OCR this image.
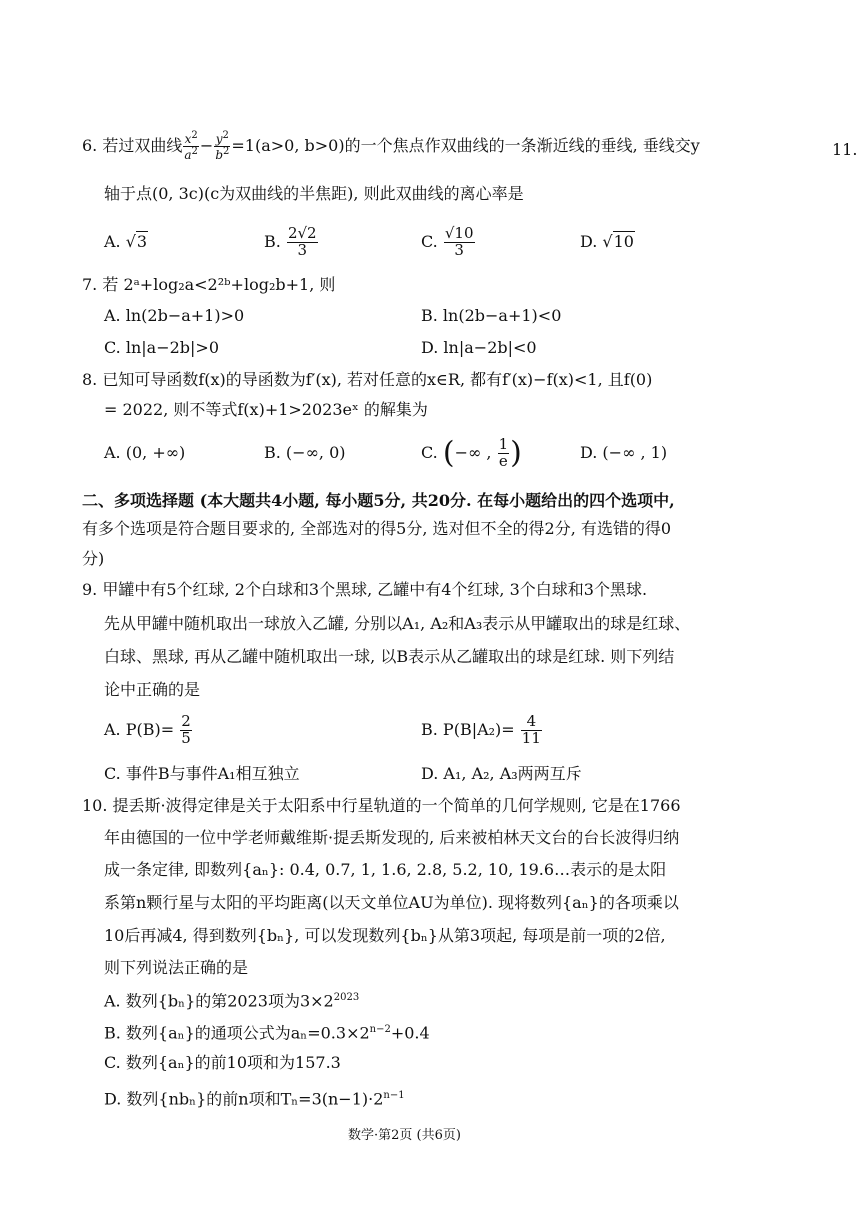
11.
6. 若过双曲线 $\frac{x^2}{a^2} - \frac{y^2}{b^2} =1(a>0$, b>0)的一个焦点作双曲线的一条渐近线的垂线, 垂线交y
轴于点(0, 3c)(c为双曲线的半焦距), 则此双曲线的离心率是
A. √3	B. $\frac{2√2}{3}$	C. $\frac{√10}{3}$	D. √10
7. 若 2ᵃ+log₂a<2²ᵇ+log₂b+1, 则
A. ln(2b−a+1)>0	B. ln(2b−a+1)<0
C. ln|a−2b|>0	D. ln|a−2b|<0
8. 已知可导函数f(x)的导函数为f′(x), 若对任意的x∈R, 都有f′(x)−f(x)<1, 且f(0)
= 2022, 则不等式f(x)+1>2023eˣ 的解集为
A. (0, +∞)	B. (−∞, 0)	C. (−∞ , $\frac{1}{e}$ )	D. (−∞ , 1)
二、多项选择题 (本大题共4小题, 每小题5分, 共20分. 在每小题给出的四个选项中,
有多个选项是符合题目要求的, 全部选对的得5分, 选对但不全的得2分, 有选错的得0
分)
9. 甲罐中有5个红球, 2个白球和3个黑球, 乙罐中有4个红球, 3个白球和3个黑球.
先从甲罐中随机取出一球放入乙罐, 分别以A₁, A₂和A₃表示从甲罐取出的球是红球、
白球、黑球, 再从乙罐中随机取出一球, 以B表示从乙罐取出的球是红球. 则下列结
论中正确的是
A. $P(B)= \frac{2}{5}$	B. $P(B|A_2)= \frac{4}{11}$
C. 事件B与事件A₁相互独立	D. A₁, A₂, A₃两两互斥
10. 提丢斯·波得定律是关于太阳系中行星轨道的一个简单的几何学规则, 它是在1766
年由德国的一位中学老师戴维斯·提丢斯发现的, 后来被柏林天文台的台长波得归纳
成一条定律, 即数列{aₙ}: 0.4, 0.7, 1, 1.6, 2.8, 5.2, 10, 19.6…表示的是太阳
系第n颗行星与太阳的平均距离(以天文单位AU为单位). 现将数列{aₙ}的各项乘以
10后再减4, 得到数列{bₙ}, 可以发现数列{bₙ}从第3项起, 每项是前一项的2倍,
则下列说法正确的是
A. 数列{bₙ}的第2023项为$3\times 2^{2023}$
B. 数列{aₙ}的通项公式为$a_n=0.3\times 2^{n-2}+0.4$
C. 数列{aₙ}的前10项和为157.3
D. 数列{nbₙ}的前n项和$T_n=3(n-1)\cdot 2^{n-1}$
数学·第2页 (共6页)
